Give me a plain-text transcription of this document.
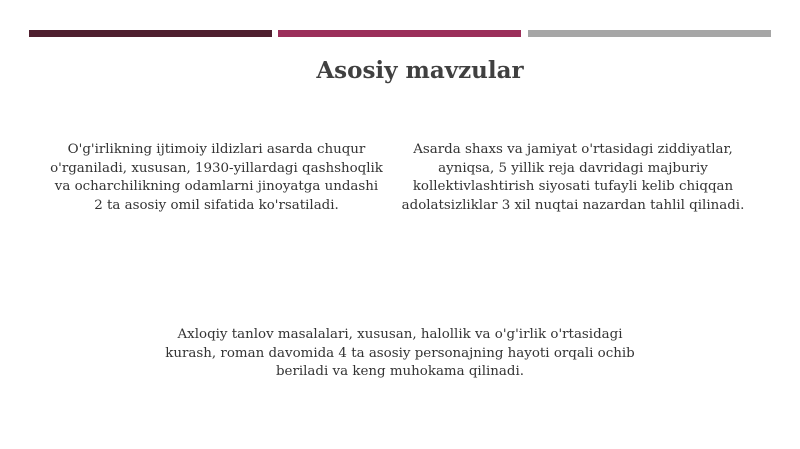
Asosiy mavzular
O'g'irlikning ijtimoiy ildizlari asarda chuqur o'rganiladi, xususan, 1930-yillardagi qashshoqlik va ocharchilikning odamlarni jinoyatga undashi 2 ta asosiy omil sifatida ko'rsatiladi.
Asarda shaxs va jamiyat o'rtasidagi ziddiyatlar, ayniqsa, 5 yillik reja davridagi majburiy kollektivlashtirish siyosati tufayli kelib chiqqan adolatsizliklar 3 xil nuqtai nazardan tahlil qilinadi.
Axloqiy tanlov masalalari, xususan, halollik va o'g'irlik o'rtasidagi kurash, roman davomida 4 ta asosiy personajning hayoti orqali ochib beriladi va keng muhokama qilinadi.
